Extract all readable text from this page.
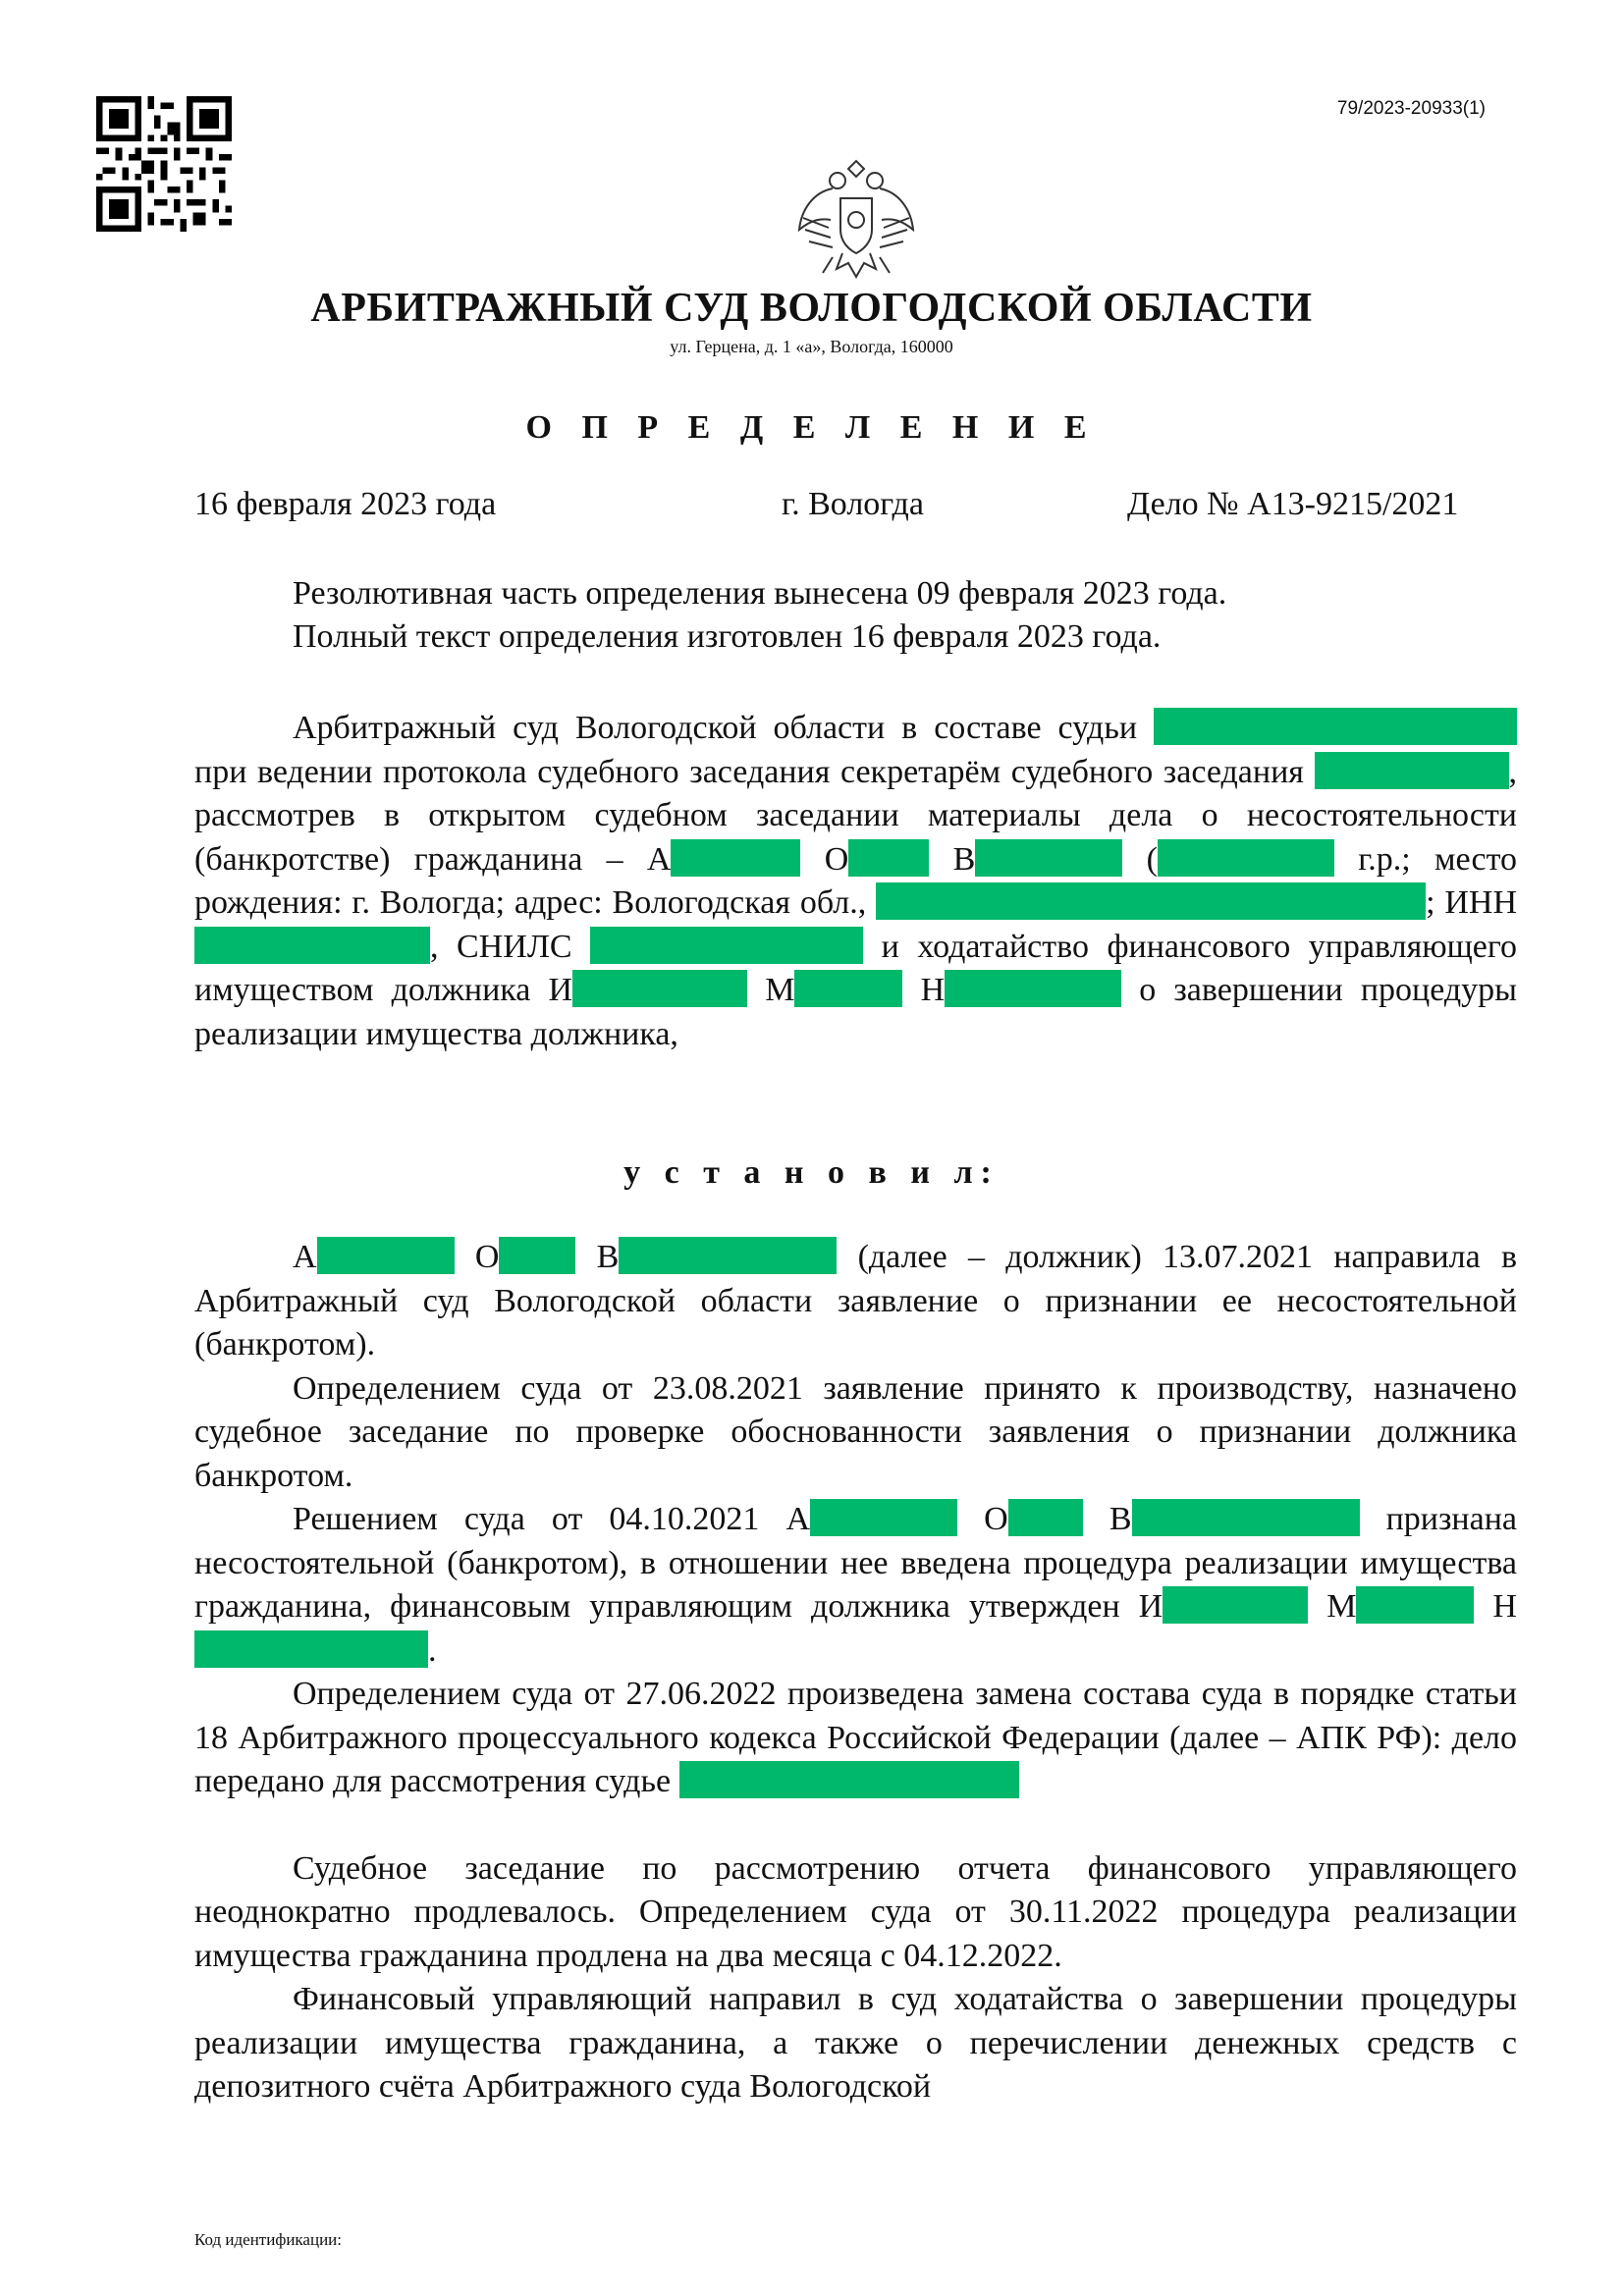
79/2023-20933(1)
АРБИТРАЖНЫЙ СУД ВОЛОГОДСКОЙ ОБЛАСТИ
ул. Герцена, д. 1 «а», Вологда, 160000
О П Р Е Д Е Л Е Н И Е
16 февраля 2023 года	г. Вологда	Дело № А13-9215/2021
Резолютивная часть определения вынесена 09 февраля 2023 года.
Полный текст определения изготовлен 16 февраля 2023 года.

Арбитражный суд Вологодской области в составе судьи  при ведении протокола судебного заседания секретарём судебного заседания	, рассмотрев в открытом судебном заседании материалы дела о несостоятельности (банкротстве) гражданина – А	О В	(	г.р.; место рождения: г. Вологда; адрес: Вологодская обл.,	; ИНН , СНИЛС	и ходатайство финансового управляющего имуществом должника И	М	Н	о завершении процедуры реализации имущества должника,

у с т а н о в и л:

А	О В	(далее – должник) 13.07.2021 направила в Арбитражный суд Вологодской области заявление о признании ее несостоятельной (банкротом).

Определением суда от 23.08.2021 заявление принято к производству, назначено судебное заседание по проверке обоснованности заявления о признании должника банкротом.

Решением суда от 04.10.2021 А	О В	признана несостоятельной (банкротом), в отношении нее введена процедура реализации имущества гражданина, финансовым управляющим должника утвержден И	М	Н.

Определением суда от 27.06.2022 произведена замена состава суда в порядке статьи 18 Арбитражного процессуального кодекса Российской Федерации (далее – АПК РФ): дело передано для рассмотрения судье

Судебное заседание по рассмотрению отчета финансового управляющего неоднократно продлевалось. Определением суда от 30.11.2022 процедура реализации имущества гражданина продлена на два месяца с 04.12.2022.

Финансовый управляющий направил в суд ходатайства о завершении процедуры реализации имущества гражданина, а также о перечислении денежных средств с депозитного счёта Арбитражного суда Вологодской

Код идентификации:
